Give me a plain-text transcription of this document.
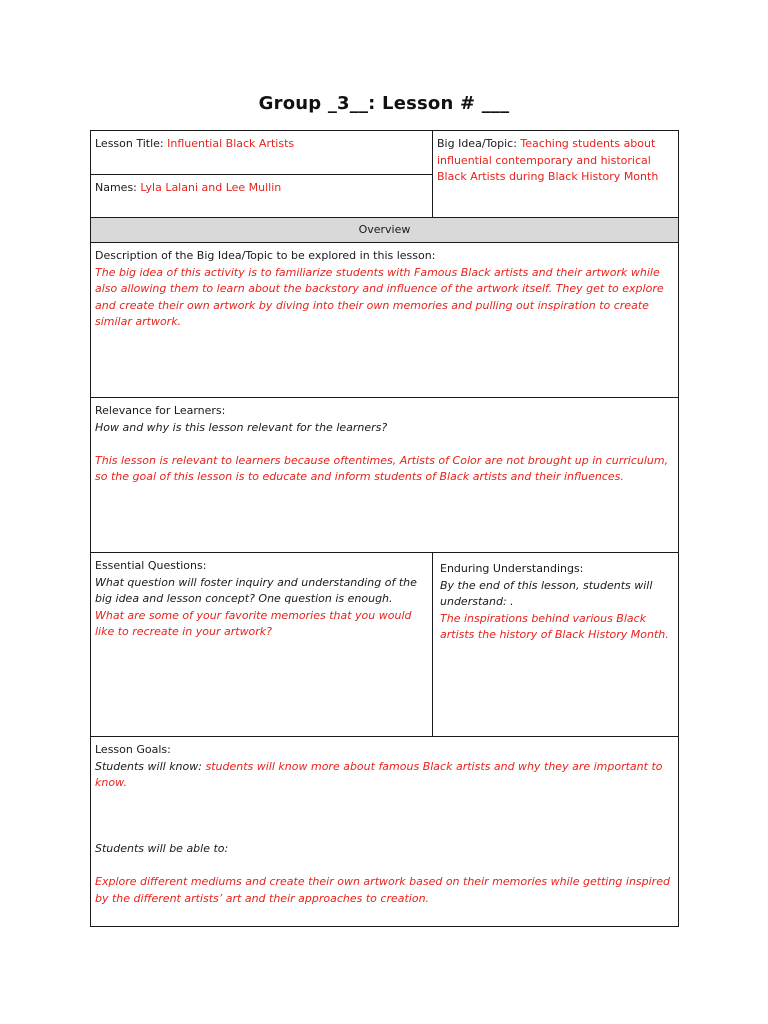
Group _3__: Lesson # ___
Lesson Title: Influential Black Artists	Big Idea/Topic: Teaching students about influential contemporary and historical Black Artists during Black History Month
Names: Lyla Lalani and Lee Mullin
Overview

Description of the Big Idea/Topic to be explored in this lesson:

The big idea of this activity is to familiarize students with Famous Black artists and their artwork while also allowing them to learn about the backstory and influence of the artwork itself. They get to explore and create their own artwork by diving into their own memories and pulling out inspiration to create similar artwork.

Relevance for Learners:

How and why is this lesson relevant for the learners?

This lesson is relevant to learners because oftentimes, Artists of Color are not brought up in curriculum, so the goal of this lesson is to educate and inform students of Black artists and their influences.

Essential Questions:

What question will foster inquiry and understanding of the big idea and lesson concept? One question is enough.

What are some of your favorite memories that you would like to recreate in your artwork?

Enduring Understandings:

By the end of this lesson, students will understand: .

The inspirations behind various Black artists the history of Black History Month.

Lesson Goals:

Students will know: students will know more about famous Black artists and why they are important to know.

Students will be able to:

Explore different mediums and create their own artwork based on their memories while getting inspired by the different artists’ art and their approaches to creation.
